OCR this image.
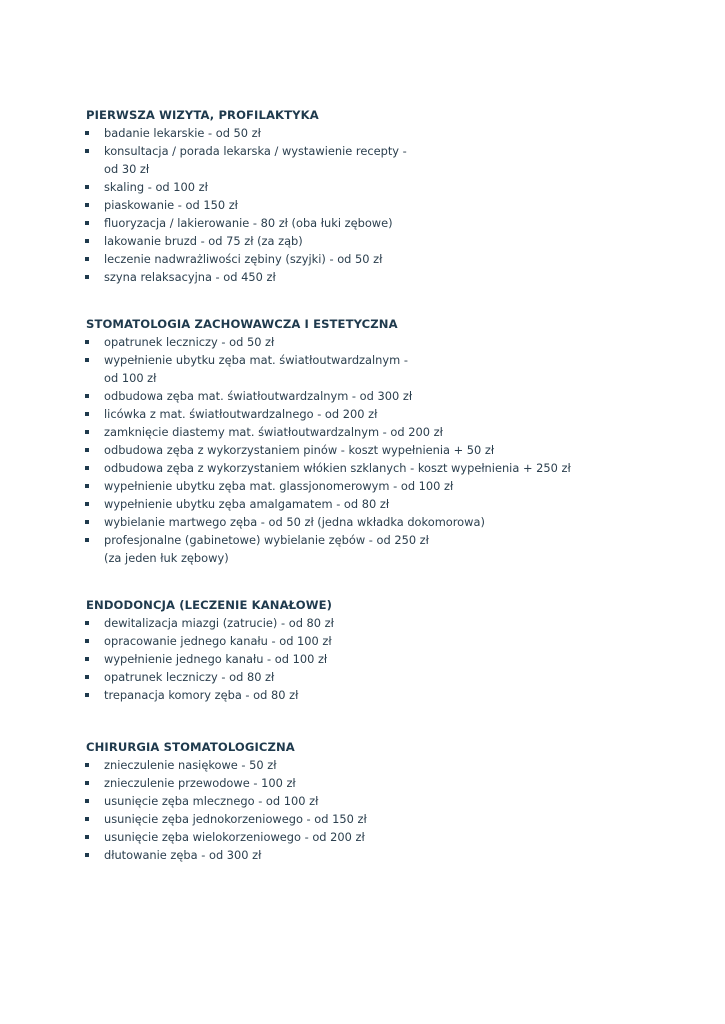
PIERWSZA WIZYTA, PROFILAKTYKA
badanie lekarskie - od 50 zł
konsultacja / porada lekarska / wystawienie recepty -
od 30 zł
skaling - od 100 zł
piaskowanie - od 150 zł
fluoryzacja / lakierowanie - 80 zł (oba łuki zębowe)
lakowanie bruzd - od 75 zł (za ząb)
leczenie nadwrażliwości zębiny (szyjki) - od 50 zł
szyna relaksacyjna - od 450 zł
STOMATOLOGIA ZACHOWAWCZA I ESTETYCZNA
opatrunek leczniczy - od 50 zł
wypełnienie ubytku zęba mat. światłoutwardzalnym -
od 100 zł
odbudowa zęba mat. światłoutwardzalnym - od 300 zł
licówka z mat. światłoutwardzalnego - od 200 zł
zamknięcie diastemy mat. światłoutwardzalnym - od 200 zł
odbudowa zęba z wykorzystaniem pinów - koszt wypełnienia + 50 zł
odbudowa zęba z wykorzystaniem włókien szklanych - koszt wypełnienia + 250 zł
wypełnienie ubytku zęba mat. glassjonomerowym - od 100 zł
wypełnienie ubytku zęba amalgamatem - od 80 zł
wybielanie martwego zęba - od 50 zł (jedna wkładka dokomorowa)
profesjonalne (gabinetowe) wybielanie zębów - od 250 zł
(za jeden łuk zębowy)
ENDODONCJA (LECZENIE KANAŁOWE)
dewitalizacja miazgi (zatrucie) - od 80 zł
opracowanie jednego kanału - od 100 zł
wypełnienie jednego kanału - od 100 zł
opatrunek leczniczy - od 80 zł
trepanacja komory zęba - od 80 zł
CHIRURGIA STOMATOLOGICZNA
znieczulenie nasiękowe - 50 zł
znieczulenie przewodowe - 100 zł
usunięcie zęba mlecznego - od 100 zł
usunięcie zęba jednokorzeniowego - od 150 zł
usunięcie zęba wielokorzeniowego - od 200 zł
dłutowanie zęba - od 300 zł
